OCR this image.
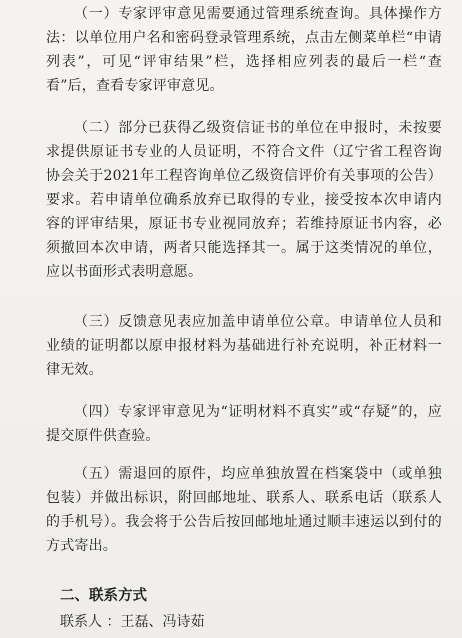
（一）专家评审意见需要通过管理系统查询。具体操作方法：以单位用户名和密码登录管理系统，点击左侧菜单栏“申请列表”，可见“评审结果”栏，选择相应列表的最后一栏“查看”后，查看专家评审意见。

（二）部分已获得乙级资信证书的单位在申报时，未按要求提供原证书专业的人员证明，不符合文件（辽宁省工程咨询协会关于2021年工程咨询单位乙级资信评价有关事项的公告）要求。若申请单位确系放弃已取得的专业，接受按本次申请内容的评审结果，原证书专业视同放弃；若维持原证书内容，必须撤回本次申请，两者只能选择其一。属于这类情况的单位，应以书面形式表明意愿。

（三）反馈意见表应加盖申请单位公章。申请单位人员和业绩的证明都以原申报材料为基础进行补充说明，补正材料一律无效。

（四）专家评审意见为“证明材料不真实”或“存疑”的，应提交原件供查验。

（五）需退回的原件，均应单独放置在档案袋中（或单独包装）并做出标识，附回邮地址、联系人、联系电话（联系人的手机号）。我会将于公告后按回邮地址通过顺丰速运以到付的方式寄出。

二、联系方式

联系人 ：王磊、冯诗茹
